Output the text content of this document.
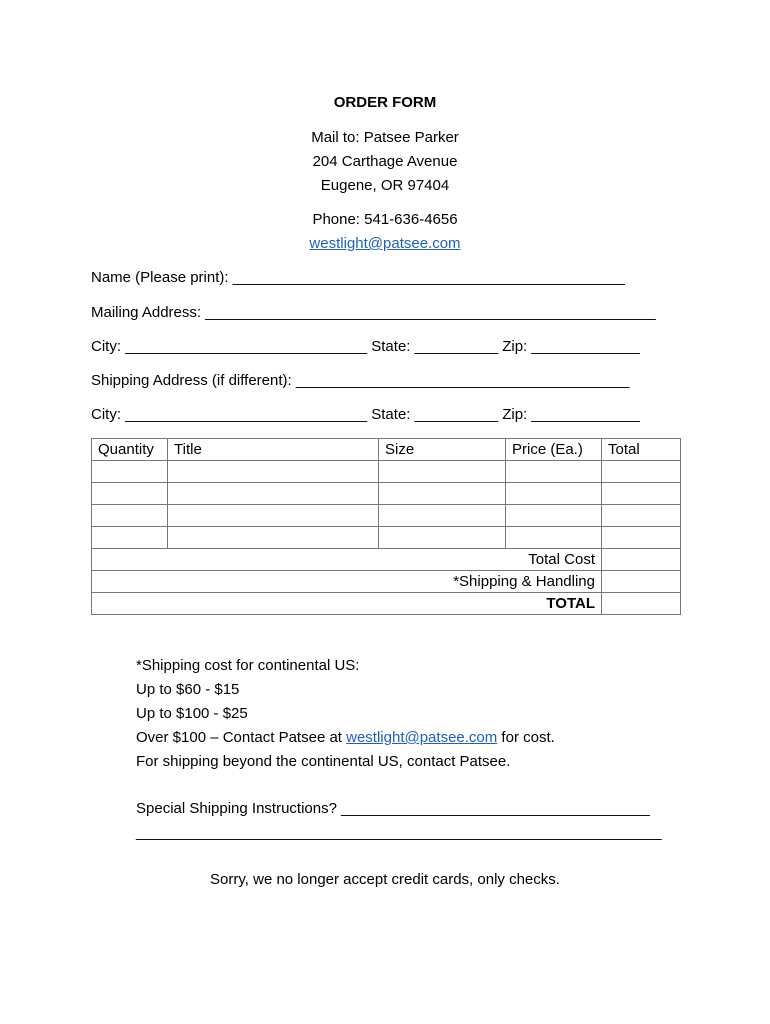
ORDER FORM
Mail to: Patsee Parker
204 Carthage Avenue
Eugene, OR 97404
Phone: 541-636-4656
westlight@patsee.com
Name (Please print): _______________________________________________
Mailing Address: ______________________________________________________
City: _____________________________ State: __________ Zip: _____________
Shipping Address (if different): ________________________________________
City: _____________________________ State: __________ Zip: _____________
Quantity	Title	Size	Price (Ea.)	Total

Total Cost				
*Shipping & Handling				
TOTAL				
*Shipping cost for continental US:
Up to $60 - $15
Up to $100 - $25
Over $100 – Contact Patsee at westlight@patsee.com for cost.
For shipping beyond the continental US, contact Patsee.
Special Shipping Instructions? _____________________________________
_______________________________________________________________
Sorry, we no longer accept credit cards, only checks.
